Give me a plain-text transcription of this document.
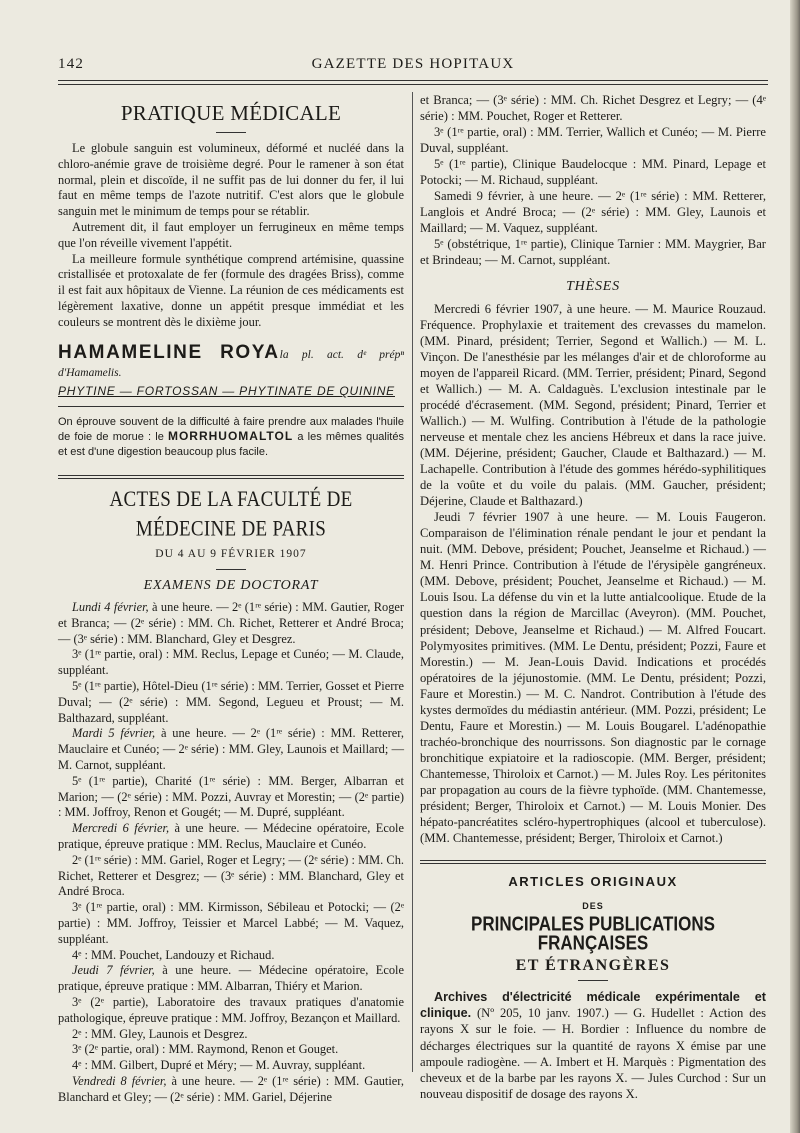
142	GAZETTE DES HOPITAUX
PRATIQUE MÉDICALE

Le globule sanguin est volumineux, déformé et nucléé dans la chloro-anémie grave de troisième degré. Pour le ramener à son état normal, plein et discoïde, il ne suffit pas de lui donner du fer, il lui faut en même temps de l'azote nutritif. C'est alors que le globule sanguin met le minimum de temps pour se rétablir.

Autrement dit, il faut employer un ferrugineux en même temps que l'on réveille vivement l'appétit.

La meilleure formule synthétique comprend artémisine, quassine cristallisée et protoxalate de fer (formule des dragées Briss), comme il est fait aux hôpitaux de Vienne. La réunion de ces médicaments est légèrement laxative, donne un appétit presque immédiat et les couleurs se montrent dès le dixième jour.

HAMAMELINE ROYAla pl. act. dᵉ prépⁿ d'Hamamelis.
PHYTINE — FORTOSSAN — PHYTINATE DE QUININE

On éprouve souvent de la difficulté à faire prendre aux malades l'huile de foie de morue : le MORRHUOMALTOL a les mêmes qualités et est d'une digestion beaucoup plus facile.

ACTES DE LA FACULTÉ DE MÉDECINE DE PARIS
DU 4 AU 9 FÉVRIER 1907
EXAMENS DE DOCTORAT

Lundi 4 février, à une heure. — 2ᵉ (1ʳᵉ série) : MM. Gautier, Roger et Branca; — (2ᵉ série) : MM. Ch. Richet, Retterer et André Broca; — (3ᵉ série) : MM. Blanchard, Gley et Desgrez.

3ᵉ (1ʳᵉ partie, oral) : MM. Reclus, Lepage et Cunéo; — M. Claude, suppléant.

5ᵉ (1ʳᵉ partie), Hôtel-Dieu (1ʳᵉ série) : MM. Terrier, Gosset et Pierre Duval; — (2ᵉ série) : MM. Segond, Legueu et Proust; — M. Balthazard, suppléant.

Mardi 5 février, à une heure. — 2ᵉ (1ʳᵉ série) : MM. Retterer, Mauclaire et Cunéo; — 2ᵉ série) : MM. Gley, Launois et Maillard; — M. Carnot, suppléant.

5ᵉ (1ʳᵉ partie), Charité (1ʳᵉ série) : MM. Berger, Albarran et Marion; — (2ᵉ série) : MM. Pozzi, Auvray et Morestin; — (2ᵉ partie) : MM. Joffroy, Renon et Gougét; — M. Dupré, suppléant.

Mercredi 6 février, à une heure. — Médecine opératoire, Ecole pratique, épreuve pratique : MM. Reclus, Mauclaire et Cunéo.

2ᵉ (1ʳᵉ série) : MM. Gariel, Roger et Legry; — (2ᵉ série) : MM. Ch. Richet, Retterer et Desgrez; — (3ᵉ série) : MM. Blanchard, Gley et André Broca.

3ᵉ (1ʳᵉ partie, oral) : MM. Kirmisson, Sébileau et Potocki; — (2ᵉ partie) : MM. Joffroy, Teissier et Marcel Labbé; — M. Vaquez, suppléant.

4ᵉ : MM. Pouchet, Landouzy et Richaud.

Jeudi 7 février, à une heure. — Médecine opératoire, Ecole pratique, épreuve pratique : MM. Albarran, Thiéry et Marion.

3ᵉ (2ᵉ partie), Laboratoire des travaux pratiques d'anatomie pathologique, épreuve pratique : MM. Joffroy, Bezançon et Maillard.

2ᵉ : MM. Gley, Launois et Desgrez.

3ᵉ (2ᵉ partie, oral) : MM. Raymond, Renon et Gouget.

4ᵉ : MM. Gilbert, Dupré et Méry; — M. Auvray, suppléant.

Vendredi 8 février, à une heure. — 2ᵉ (1ʳᵉ série) : MM. Gautier, Blanchard et Gley; — (2ᵉ série) : MM. Gariel, Déjerine

et Branca; — (3ᵉ série) : MM. Ch. Richet Desgrez et Legry; — (4ᵉ série) : MM. Pouchet, Roger et Retterer.

3ᵉ (1ʳᵉ partie, oral) : MM. Terrier, Wallich et Cunéo; — M. Pierre Duval, suppléant.

5ᵉ (1ʳᵉ partie), Clinique Baudelocque : MM. Pinard, Lepage et Potocki; — M. Richaud, suppléant.

Samedi 9 février, à une heure. — 2ᵉ (1ʳᵉ série) : MM. Retterer, Langlois et André Broca; — (2ᵉ série) : MM. Gley, Launois et Maillard; — M. Vaquez, suppléant.

5ᵉ (obstétrique, 1ʳᵉ partie), Clinique Tarnier : MM. Maygrier, Bar et Brindeau; — M. Carnot, suppléant.

THÈSES

Mercredi 6 février 1907, à une heure. — M. Maurice Rouzaud. Fréquence. Prophylaxie et traitement des crevasses du mamelon. (MM. Pinard, président; Terrier, Segond et Wallich.) — M. L. Vinçon. De l'anesthésie par les mélanges d'air et de chloroforme au moyen de l'appareil Ricard. (MM. Terrier, président; Pinard, Segond et Wallich.) — M. A. Caldaguès. L'exclusion intestinale par le procédé d'écrasement. (MM. Segond, président; Pinard, Terrier et Wallich.) — M. Wulfing. Contribution à l'étude de la pathologie nerveuse et mentale chez les anciens Hébreux et dans la race juive. (MM. Déjerine, président; Gaucher, Claude et Balthazard.) — M. Lachapelle. Contribution à l'étude des gommes hérédo-syphilitiques de la voûte et du voile du palais. (MM. Gaucher, président; Déjerine, Claude et Balthazard.)

Jeudi 7 février 1907 à une heure. — M. Louis Faugeron. Comparaison de l'élimination rénale pendant le jour et pendant la nuit. (MM. Debove, président; Pouchet, Jeanselme et Richaud.) — M. Henri Prince. Contribution à l'étude de l'érysipèle gangréneux. (MM. Debove, président; Pouchet, Jeanselme et Richaud.) — M. Louis Isou. La défense du vin et la lutte antialcoolique. Etude de la question dans la région de Marcillac (Aveyron). (MM. Pouchet, président; Debove, Jeanselme et Richaud.) — M. Alfred Foucart. Polymyosites primitives. (MM. Le Dentu, président; Pozzi, Faure et Morestin.) — M. Jean-Louis David. Indications et procédés opératoires de la jéjunostomie. (MM. Le Dentu, président; Pozzi, Faure et Morestin.) — M. C. Nandrot. Contribution à l'étude des kystes dermoïdes du médiastin antérieur. (MM. Pozzi, président; Le Dentu, Faure et Morestin.) — M. Louis Bougarel. L'adénopathie trachéo-bronchique des nourrissons. Son diagnostic par le cornage bronchitique expiatoire et la radioscopie. (MM. Berger, président; Chantemesse, Thiroloix et Carnot.) — M. Jules Roy. Les péritonites par propagation au cours de la fièvre typhoïde. (MM. Chantemesse, président; Berger, Thiroloix et Carnot.) — M. Louis Monier. Des hépato-pancréatites scléro-hypertrophiques (alcool et tuberculose). (MM. Chantemesse, président; Berger, Thiroloix et Carnot.)

ARTICLES ORIGINAUX
DES
PRINCIPALES PUBLICATIONS FRANÇAISES
ET ÉTRANGÈRES

Archives d'électricité médicale expérimentale et clinique. (Nº 205, 10 janv. 1907.) — G. Hudellet : Action des rayons X sur le foie. — H. Bordier : Influence du nombre de décharges électriques sur la quantité de rayons X émise par une ampoule radiogène. — A. Imbert et H. Marquès : Pigmentation des cheveux et de la barbe par les rayons X. — Jules Curchod : Sur un nouveau dispositif de dosage des rayons X.
